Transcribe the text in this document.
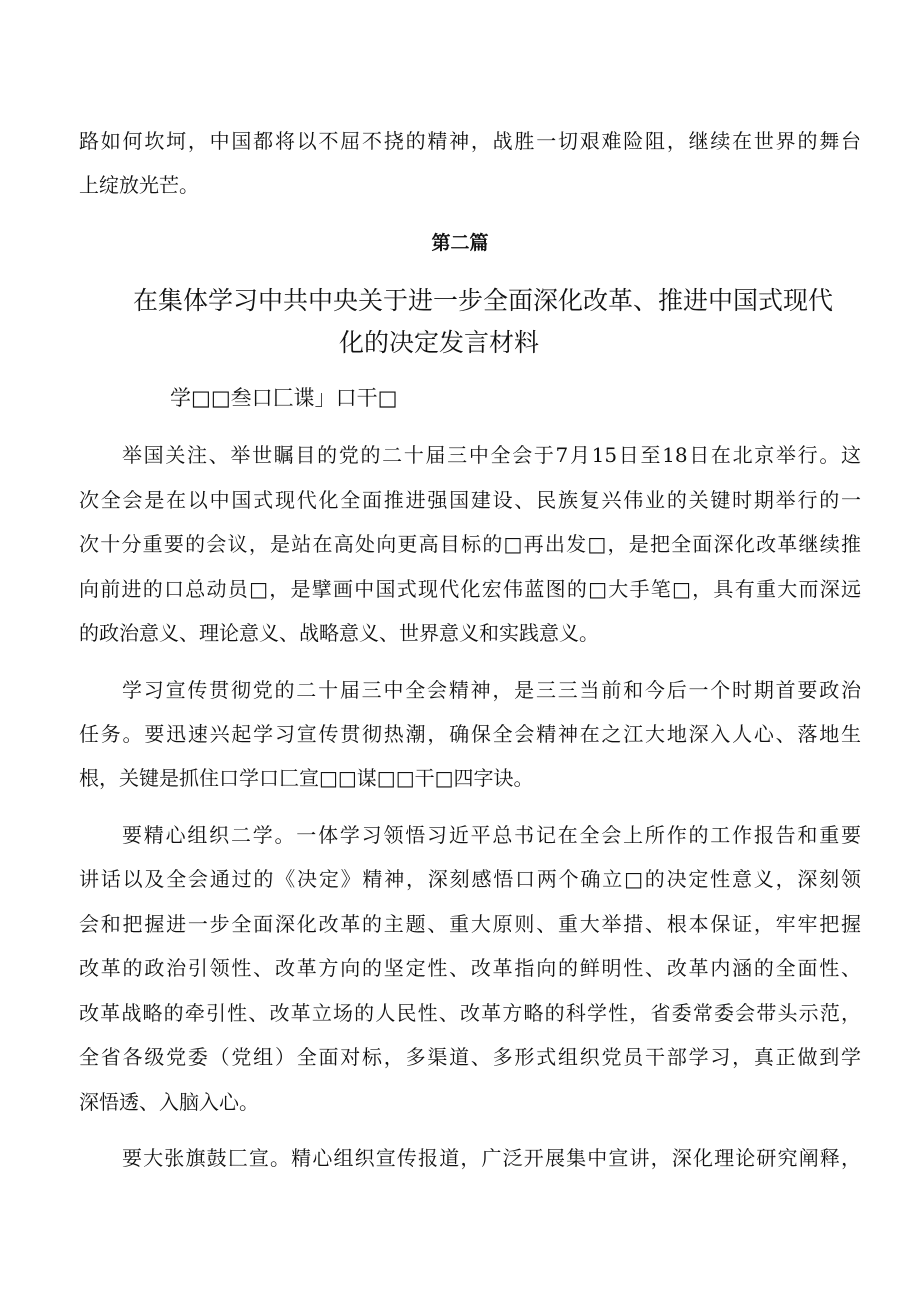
路如何坎坷，中国都将以不屈不挠的精神，战胜一切艰难险阻，继续在世界的舞台

上绽放光芒。

第二篇

在集体学习中共中央关于进一步全面深化改革、推进中国式现代

化的决定发言材料

学□□叁口匚谍」口干□

举国关注、举世瞩目的党的二十届三中全会于7月15日至18日在北京举行。这

次全会是在以中国式现代化全面推进强国建设、民族复兴伟业的关键时期举行的一

次十分重要的会议，是站在高处向更高目标的□再出发□，是把全面深化改革继续推

向前进的口总动员□，是擘画中国式现代化宏伟蓝图的□大手笔□，具有重大而深远

的政治意义、理论意义、战略意义、世界意义和实践意义。

学习宣传贯彻党的二十届三中全会精神，是三三当前和今后一个时期首要政治

任务。要迅速兴起学习宣传贯彻热潮，确保全会精神在之江大地深入人心、落地生

根，关键是抓住口学口匚宣□□谋□□干□四字诀。

要精心组织二学。一体学习领悟习近平总书记在全会上所作的工作报告和重要

讲话以及全会通过的《决定》精神，深刻感悟口两个确立□的决定性意义，深刻领

会和把握进一步全面深化改革的主题、重大原则、重大举措、根本保证，牢牢把握

改革的政治引领性、改革方向的坚定性、改革指向的鲜明性、改革内涵的全面性、

改革战略的牵引性、改革立场的人民性、改革方略的科学性，省委常委会带头示范，

全省各级党委（党组）全面对标，多渠道、多形式组织党员干部学习，真正做到学

深悟透、入脑入心。

要大张旗鼓匚宣。精心组织宣传报道，广泛开展集中宣讲，深化理论研究阐释，
